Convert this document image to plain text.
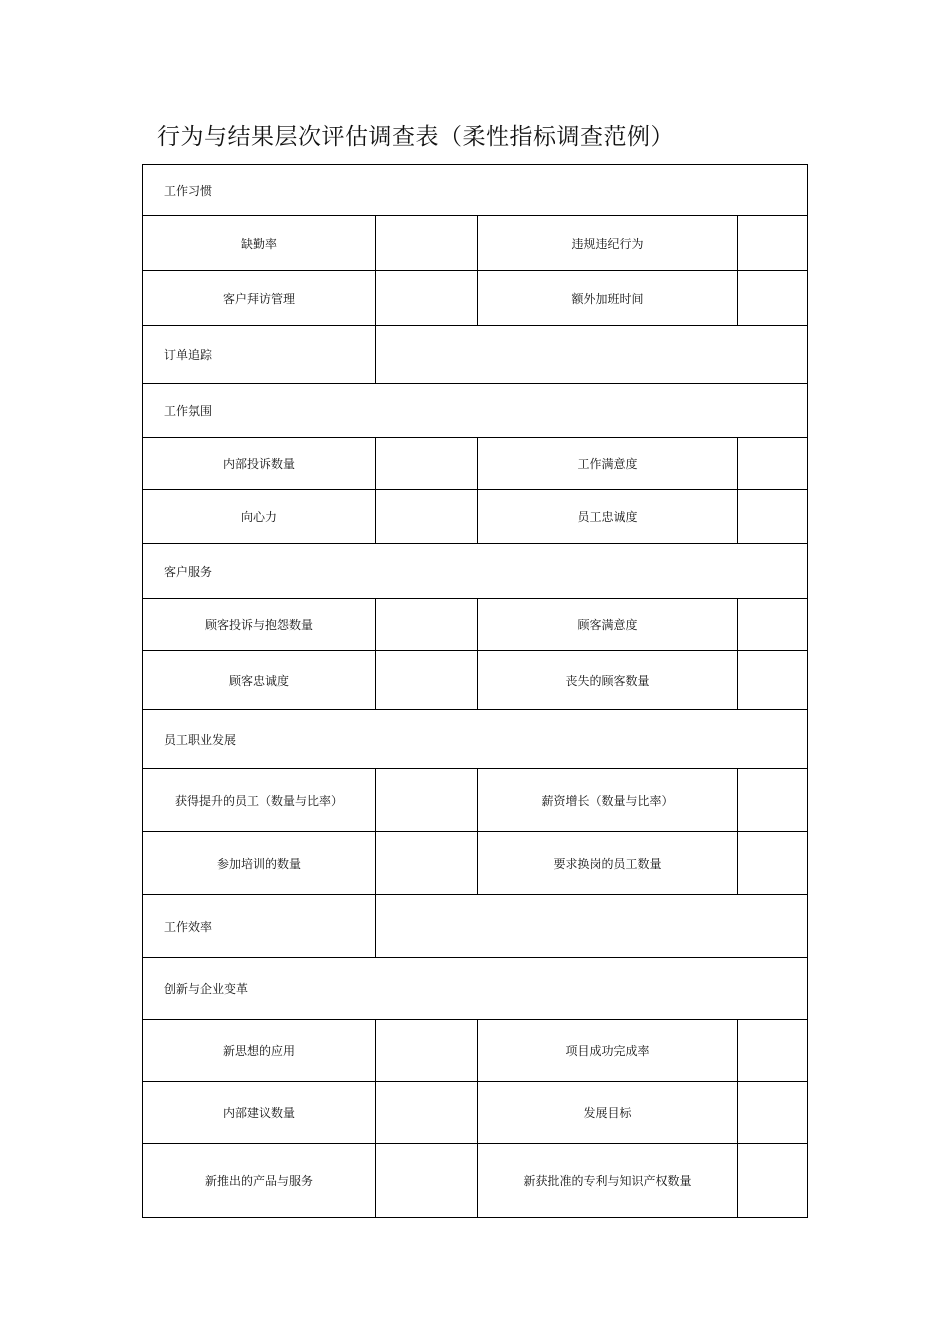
行为与结果层次评估调查表（柔性指标调查范例）
工作习惯			
缺勤率		违规违纪行为	
客户拜访管理		额外加班时间	
订单追踪			
工作氛围			
内部投诉数量		工作满意度	
向心力		员工忠诚度	
客户服务			
顾客投诉与抱怨数量		顾客满意度	
顾客忠诚度		丧失的顾客数量	
员工职业发展			
获得提升的员工（数量与比率）		薪资增长（数量与比率）	
参加培训的数量		要求换岗的员工数量	
工作效率			
创新与企业变革			
新思想的应用		项目成功完成率	
内部建议数量		发展目标	
新推出的产品与服务		新获批准的专利与知识产权数量	
